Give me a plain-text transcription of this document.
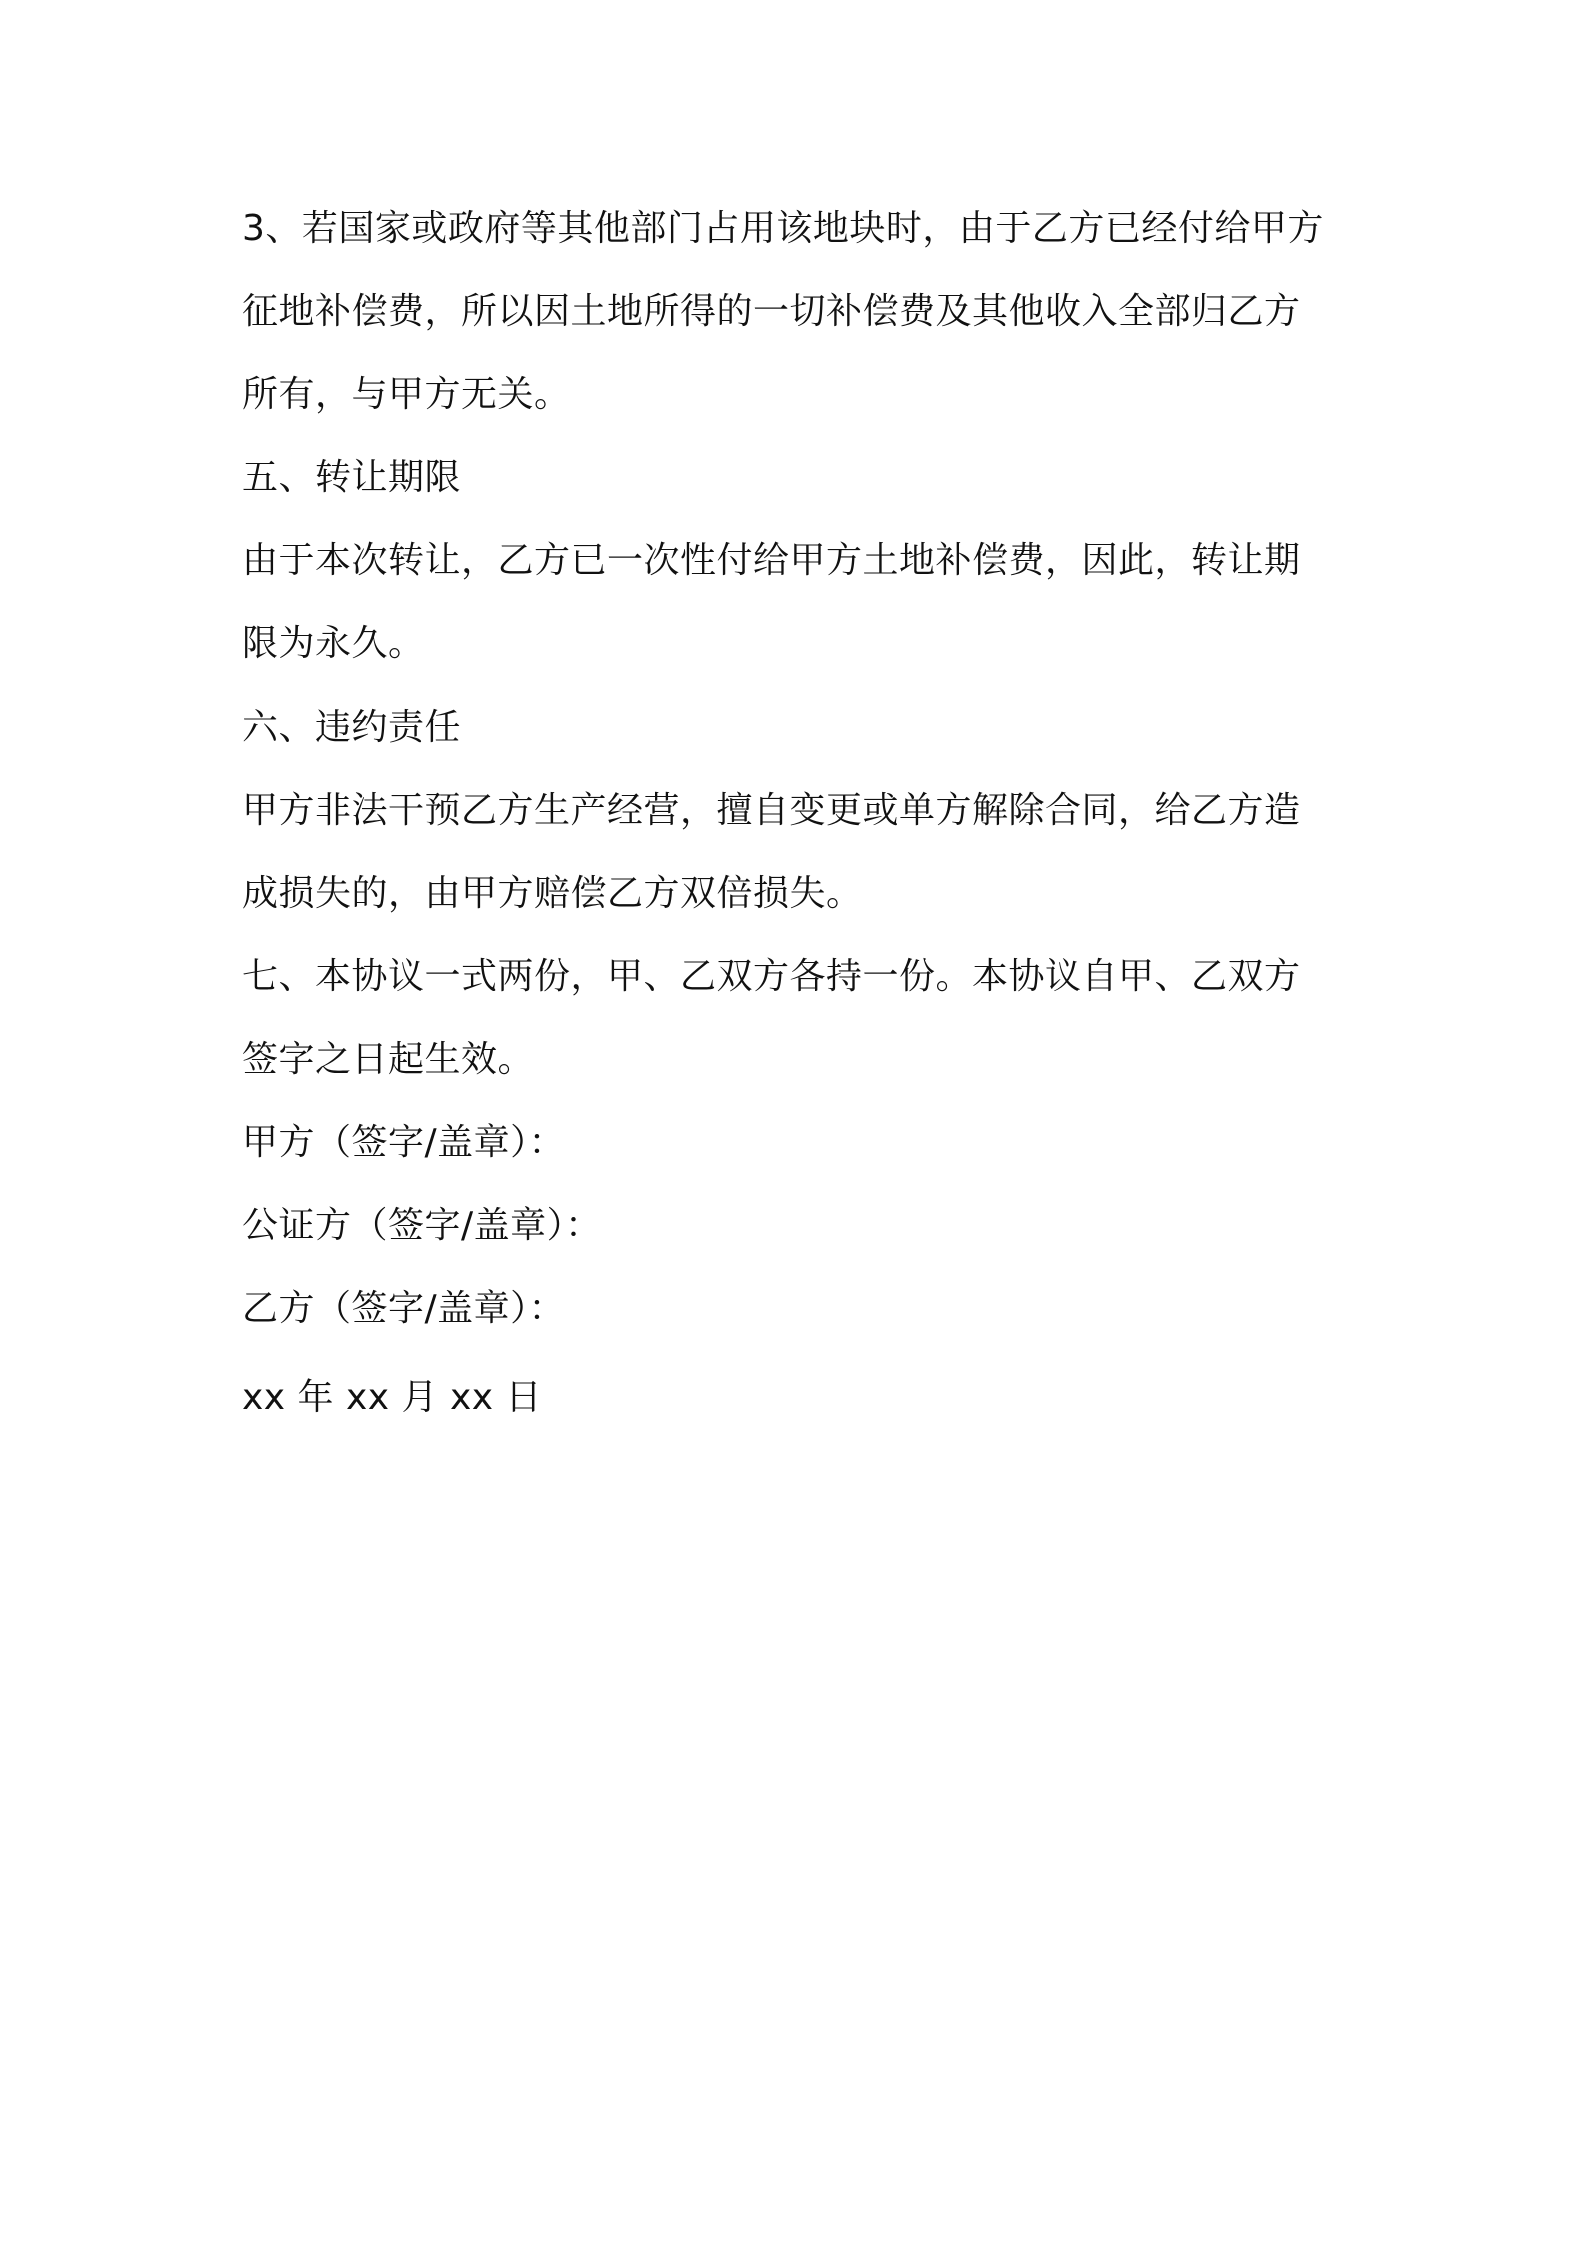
3、若国家或政府等其他部门占用该地块时，由于乙方已经付给甲方
征地补偿费，所以因土地所得的一切补偿费及其他收入全部归乙方
所有，与甲方无关。
五、转让期限
由于本次转让，乙方已一次性付给甲方土地补偿费，因此，转让期
限为永久。
六、违约责任
甲方非法干预乙方生产经营，擅自变更或单方解除合同，给乙方造
成损失的，由甲方赔偿乙方双倍损失。
七、本协议一式两份，甲、乙双方各持一份。本协议自甲、乙双方
签字之日起生效。
甲方（签字/盖章）：
公证方（签字/盖章）：
乙方（签字/盖章）：
xx 年 xx 月 xx 日
